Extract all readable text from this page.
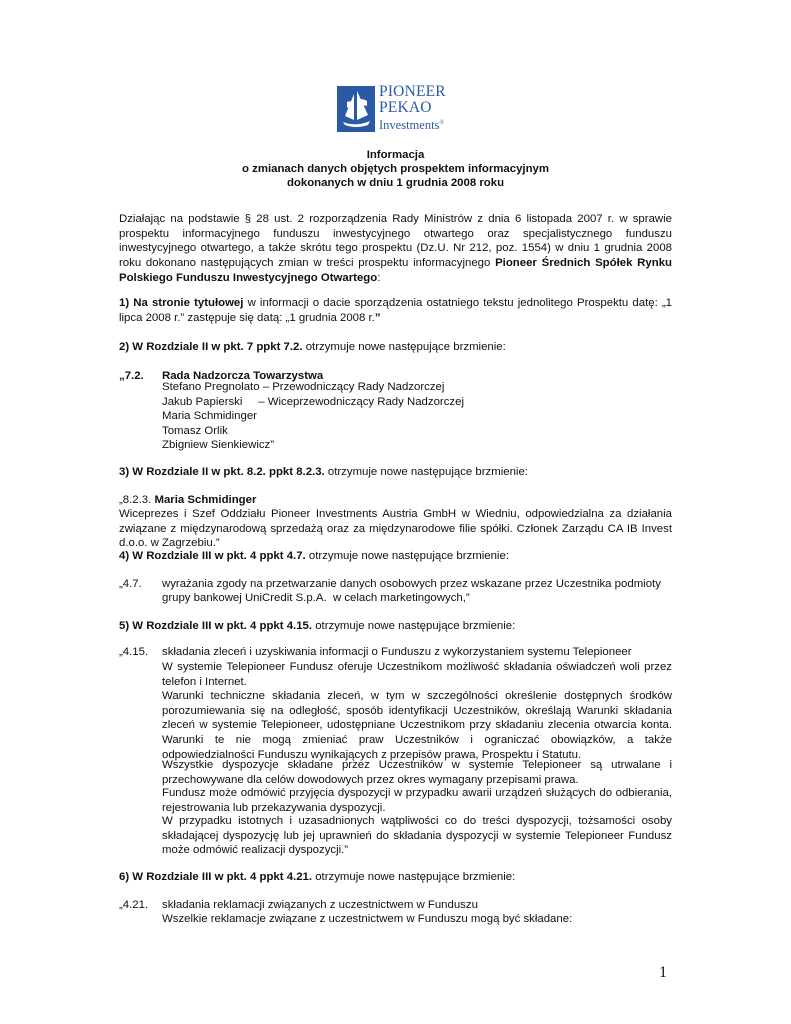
PIONEER
PEKAO
Investments®
Informacja
o zmianach danych objętych prospektem informacyjnym
dokonanych w dniu 1 grudnia 2008 roku

Działając na podstawie § 28 ust. 2 rozporządzenia Rady Ministrów z dnia 6 listopada 2007 r. w sprawie prospektu informacyjnego funduszu inwestycyjnego otwartego oraz specjalistycznego funduszu inwestycyjnego otwartego, a także skrótu tego prospektu (Dz.U. Nr 212, poz. 1554) w dniu 1 grudnia 2008 roku dokonano następujących zmian w treści prospektu informacyjnego Pioneer Średnich Spółek Rynku Polskiego Funduszu Inwestycyjnego Otwartego:

1) Na stronie tytułowej w informacji o dacie sporządzenia ostatniego tekstu jednolitego Prospektu datę: „1 lipca 2008 r.” zastępuje się datą: „1 grudnia 2008 r.”

2) W Rozdziale II w pkt. 7 ppkt 7.2. otrzymuje nowe następujące brzmienie:

„7.2. Rada Nadzorcza Towarzystwa
Stefano Pregnolato – Przewodniczący Rady Nadzorczej
Jakub Papierski     – Wiceprzewodniczący Rady Nadzorczej
Maria Schmidinger
Tomasz Orlik
Zbigniew Sienkiewicz”

3) W Rozdziale II w pkt. 8.2. ppkt 8.2.3. otrzymuje nowe następujące brzmienie:

„8.2.3. Maria Schmidinger

Wiceprezes i Szef Oddziału Pioneer Investments Austria GmbH w Wiedniu, odpowiedzialna za działania związane z międzynarodową sprzedażą oraz za międzynarodowe filie spółki. Członek Zarządu CA IB Invest d.o.o. w Zagrzebiu.”

4) W Rozdziale III w pkt. 4 ppkt 4.7. otrzymuje nowe następujące brzmienie:

„4.7. wyrażania zgody na przetwarzanie danych osobowych przez wskazane przez Uczestnika podmioty
grupy bankowej UniCredit S.p.A.  w celach marketingowych,”

5) W Rozdziale III w pkt. 4 ppkt 4.15. otrzymuje nowe następujące brzmienie:

„4.15. składania zleceń i uzyskiwania informacji o Funduszu z wykorzystaniem systemu Telepioneer

W systemie Telepioneer Fundusz oferuje Uczestnikom możliwość składania oświadczeń woli przez telefon i Internet.

Warunki techniczne składania zleceń, w tym w szczególności określenie dostępnych środków porozumiewania się na odległość, sposób identyfikacji Uczestników, określają Warunki składania zleceń w systemie Telepioneer, udostępniane Uczestnikom przy składaniu zlecenia otwarcia konta. Warunki te nie mogą zmieniać praw Uczestników i ograniczać obowiązków, a także odpowiedzialności Funduszu wynikających z przepisów prawa, Prospektu i Statutu.

Wszystkie dyspozycje składane przez Uczestników w systemie Telepioneer są utrwalane i przechowywane dla celów dowodowych przez okres wymagany przepisami prawa.

Fundusz może odmówić przyjęcia dyspozycji w przypadku awarii urządzeń służących do odbierania, rejestrowania lub przekazywania dyspozycji.

W przypadku istotnych i uzasadnionych wątpliwości co do treści dyspozycji, tożsamości osoby składającej dyspozycję lub jej uprawnień do składania dyspozycji w systemie Telepioneer Fundusz może odmówić realizacji dyspozycji.”

6) W Rozdziale III w pkt. 4 ppkt 4.21. otrzymuje nowe następujące brzmienie:

„4.21. składania reklamacji związanych z uczestnictwem w Funduszu
Wszelkie reklamacje związane z uczestnictwem w Funduszu mogą być składane:
1
